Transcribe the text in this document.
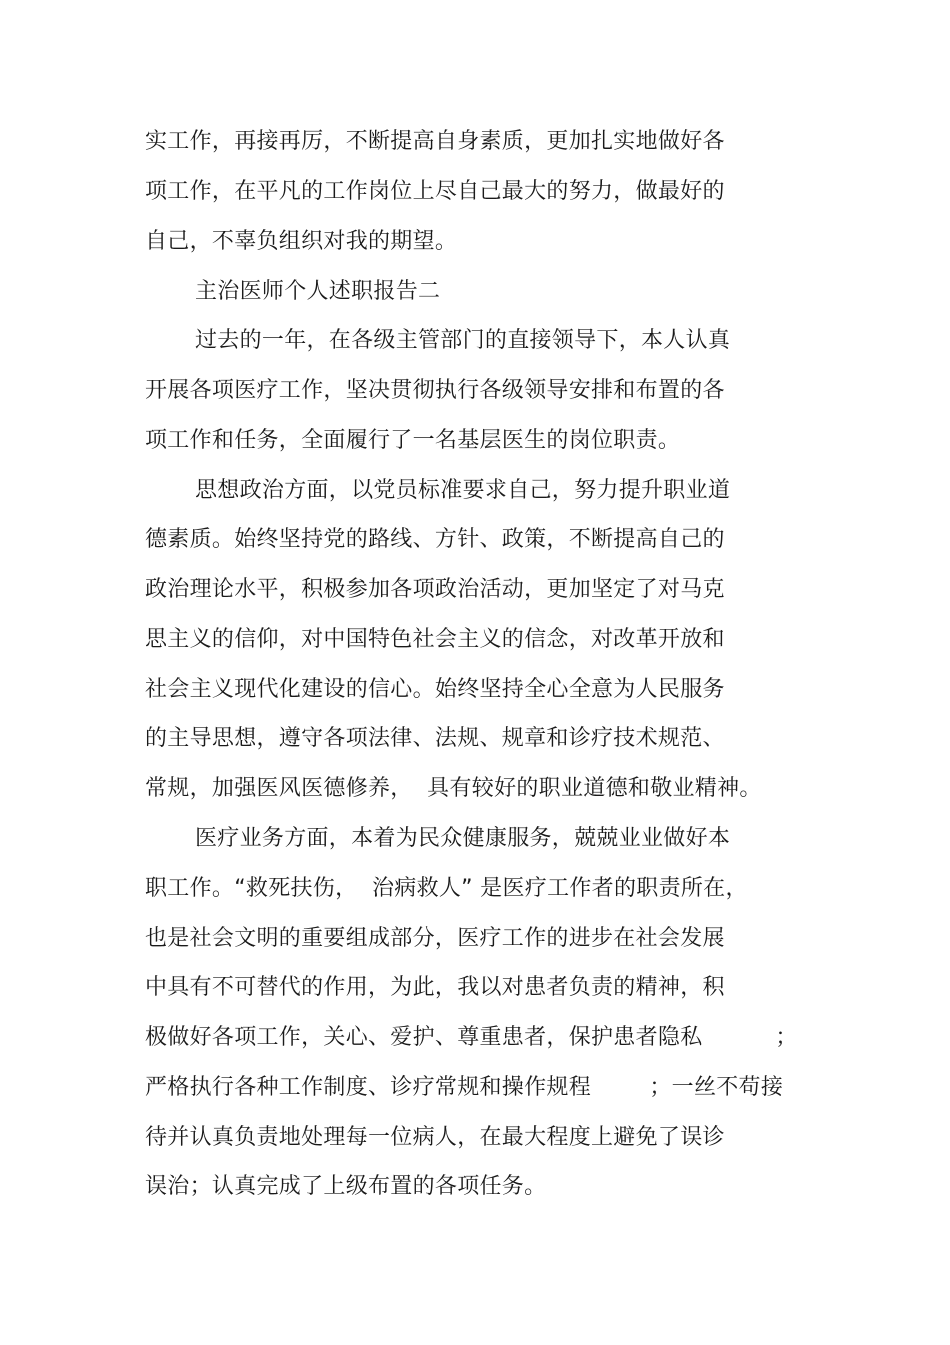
实工作，再接再厉，不断提高自身素质，更加扎实地做好各
项工作，在平凡的工作岗位上尽自己最大的努力，做最好的
自己，不辜负组织对我的期望。
主治医师个人述职报告二
过去的一年，在各级主管部门的直接领导下，本人认真
开展各项医疗工作，坚决贯彻执行各级领导安排和布置的各
项工作和任务，全面履行了一名基层医生的岗位职责。
思想政治方面，以党员标准要求自己，努力提升职业道
德素质。始终坚持党的路线、方针、政策，不断提高自己的
政治理论水平，积极参加各项政治活动，更加坚定了对马克
思主义的信仰，对中国特色社会主义的信念，对改革开放和
社会主义现代化建设的信心。始终坚持全心全意为人民服务
的主导思想，遵守各项法律、法规、规章和诊疗技术规范、
常规，加强医风医德修养，  具有较好的职业道德和敬业精神。
医疗业务方面，本着为民众健康服务，兢兢业业做好本
职工作。“救死扶伤，  治病救人” 是医疗工作者的职责所在，
也是社会文明的重要组成部分，医疗工作的进步在社会发展
中具有不可替代的作用，为此，我以对患者负责的精神，积
极做好各项工作，关心、爱护、尊重患者，保护患者隐私          ；
严格执行各种工作制度、诊疗常规和操作规程        ；一丝不苟接
待并认真负责地处理每一位病人，在最大程度上避免了误诊
误治；认真完成了上级布置的各项任务。
